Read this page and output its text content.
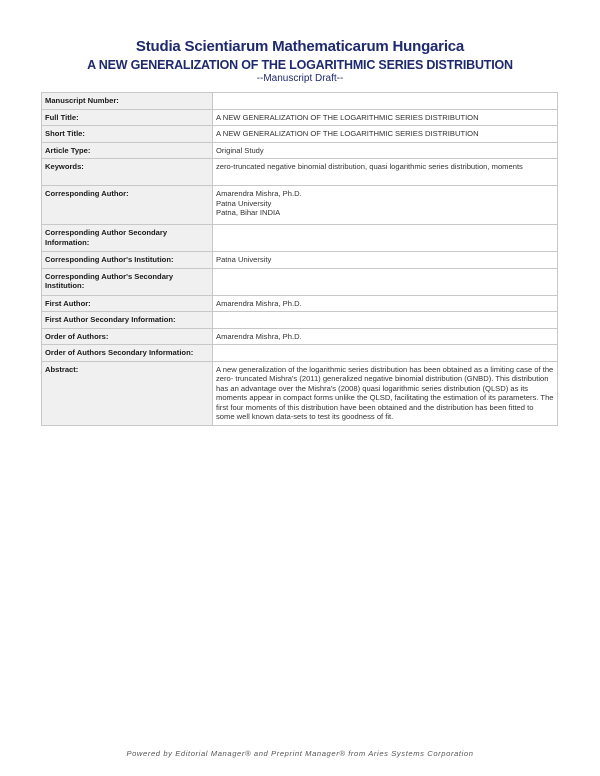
Studia Scientiarum Mathematicarum Hungarica
A NEW GENERALIZATION OF THE LOGARITHMIC SERIES DISTRIBUTION
--Manuscript Draft--
Manuscript Number:	
Full Title:	A NEW GENERALIZATION OF THE LOGARITHMIC SERIES DISTRIBUTION
Short Title:	A NEW GENERALIZATION OF THE LOGARITHMIC SERIES DISTRIBUTION
Article Type:	Original Study
Keywords:	zero-truncated negative binomial distribution, quasi logarithmic series distribution, moments
Corresponding Author:	Amarendra Mishra, Ph.D.
Patna University
Patna, Bihar INDIA

Corresponding Author Secondary Information:	
Corresponding Author's Institution:	Patna University
Corresponding Author's Secondary Institution:	
First Author:	Amarendra Mishra, Ph.D.
First Author Secondary Information:	
Order of Authors:	Amarendra Mishra, Ph.D.
Order of Authors Secondary Information:	
Abstract:	A new generalization of the logarithmic series distribution has been obtained as a limiting case of the zero- truncated Mishra's (2011) generalized negative binomial distribution (GNBD). This distribution has an advantage over the Mishra's (2008) quasi logarithmic series distribution (QLSD) as its moments appear in compact forms unlike the QLSD, facilitating the estimation of its parameters. The first four moments of this distribution have been obtained and the distribution has been fitted to some well known data-sets to test its goodness of fit.
Powered by Editorial Manager® and Preprint Manager® from Aries Systems Corporation
